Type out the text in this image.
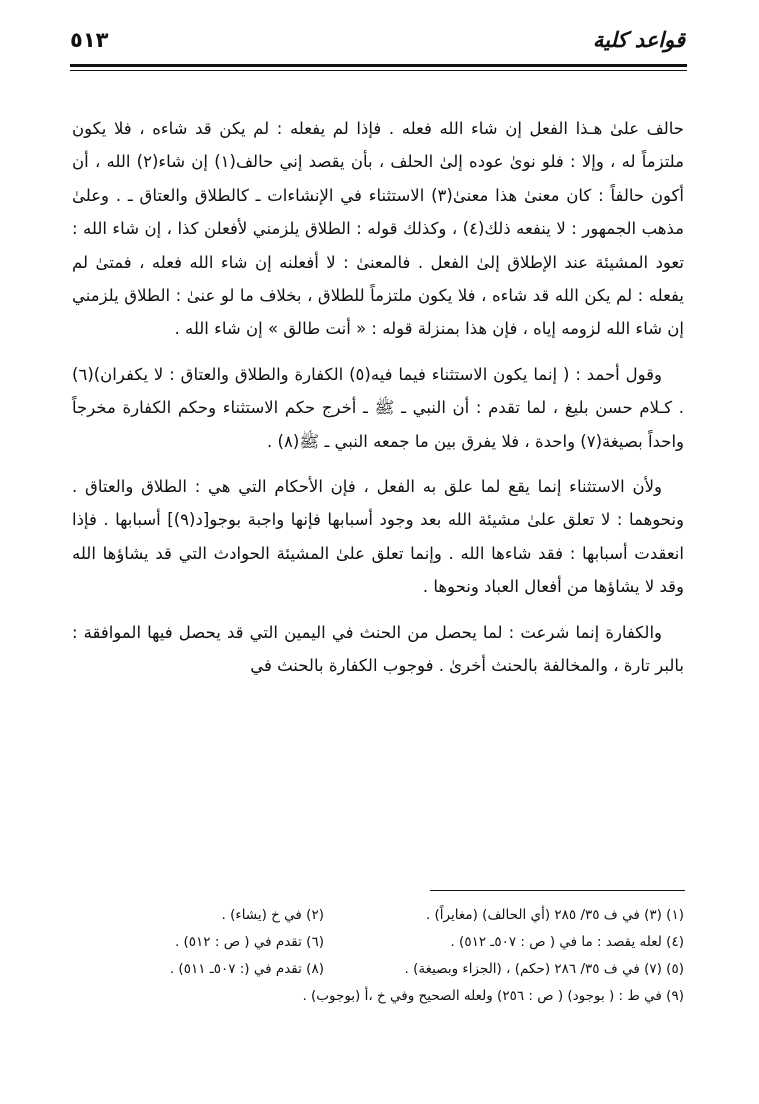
قواعد كلية
٥١٣

حالف علىٰ هـذا الفعل إن شاء الله فعله . فإذا لم يفعله : لم يكن قد شاءه ، فلا يكون ملتزماً له ، وإلا : فلو نوىٰ عوده إلىٰ الحلف ، بأن يقصد إني حالف(١) إن شاء(٢) الله ، أن أكون حالفاً : كان معنىٰ هذا معنىٰ(٣) الاستثناء في الإنشاءات ـ كالطلاق والعتاق ـ . وعلىٰ مذهب الجمهور : لا ينفعه ذلك(٤) ، وكذلك قوله : الطلاق يلزمني لأفعلن كذا ، إن شاء الله : تعود المشيئة عند الإطلاق إلىٰ الفعل . فالمعنىٰ : لا أفعلنه إن شاء الله فعله ، فمتىٰ لم يفعله : لم يكن الله قد شاءه ، فلا يكون ملتزماً للطلاق ، بخلاف ما لو عنىٰ : الطلاق يلزمني إن شاء الله لزومه إياه ، فإن هذا بمنزلة قوله : « أنت طالق » إن شاء الله .

وقول أحمد : ( إنما يكون الاستثناء فيما فيه(٥) الكفارة والطلاق والعتاق : لا يكفران)(٦) . كـلام حسن بليغ ، لما تقدم : أن النبي ـ ﷺ ـ أخرج حكم الاستثناء وحكم الكفارة مخرجاً واحداً بصيغة(٧) واحدة ، فلا يفرق بين ما جمعه النبي ـ ﷺ(٨) .

ولأن الاستثناء إنما يقع لما علق به الفعل ، فإن الأحكام التي هي : الطلاق والعتاق . ونحوهما : لا تعلق علىٰ مشيئة الله بعد وجود أسبابها فإنها واجبة بوجو[د(٩)] أسبابها . فإذا انعقدت أسبابها : فقد شاءها الله . وإنما تعلق علىٰ المشيئة الحوادث التي قد يشاؤها الله وقد لا يشاؤها من أفعال العباد ونحوها .

والكفارة إنما شرعت : لما يحصل من الحنث في اليمين التي قد يحصل فيها الموافقة : بالبر تارة ، والمخالفة بالحنث أخرىٰ . فوجوب الكفارة بالحنث في

(١) (٣) في ف ٣٥/ ٢٨٥ (أي الحالف) (مغايراً) .
(٢) في خ (يشاء) .
(٤) لعله يقصد : ما في ( ص : ٥٠٧ـ ٥١٢) .
(٦) تقدم في ( ص : ٥١٢) .
(٥) (٧) في ف ٣٥/ ٢٨٦ (حكم) ، (الجزاء وبصيغة) .
(٨) تقدم في (: ٥٠٧ـ ٥١١) .
(٩) في ط : ( بوجود) ( ص : ٢٥٦) ولعله الصحيح وفي خ ،أ (بوجوب) .
